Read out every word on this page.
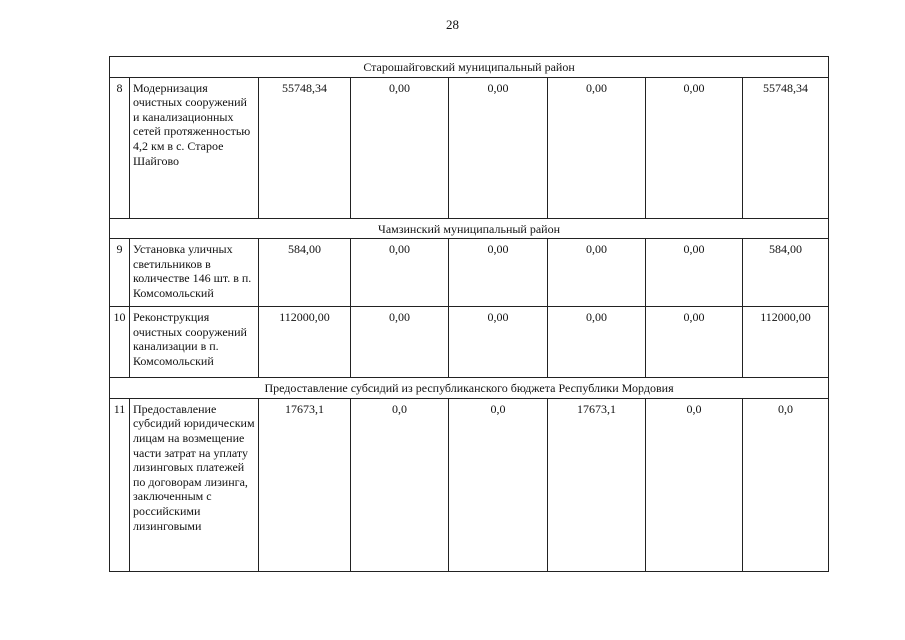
28
Старошайговский муниципальный район							
8	Модернизация очистных сооружений и канализационных сетей протяженностью 4,2 км в с. Старое Шайгово	55748,34	0,00	0,00	0,00	0,00	55748,34
Чамзинский муниципальный район							
9	Установка уличных светильников в количестве 146 шт. в п. Комсомольский	584,00	0,00	0,00	0,00	0,00	584,00
10	Реконструкция очистных сооружений канализации в п. Комсомольский	112000,00	0,00	0,00	0,00	0,00	112000,00
Предоставление субсидий из республиканского бюджета Республики Мордовия							
11	Предоставление субсидий юридическим лицам на возмещение части затрат на уплату лизинговых платежей по договорам лизинга, заключенным с российскими лизинговыми	17673,1	0,0	0,0	17673,1	0,0	0,0
